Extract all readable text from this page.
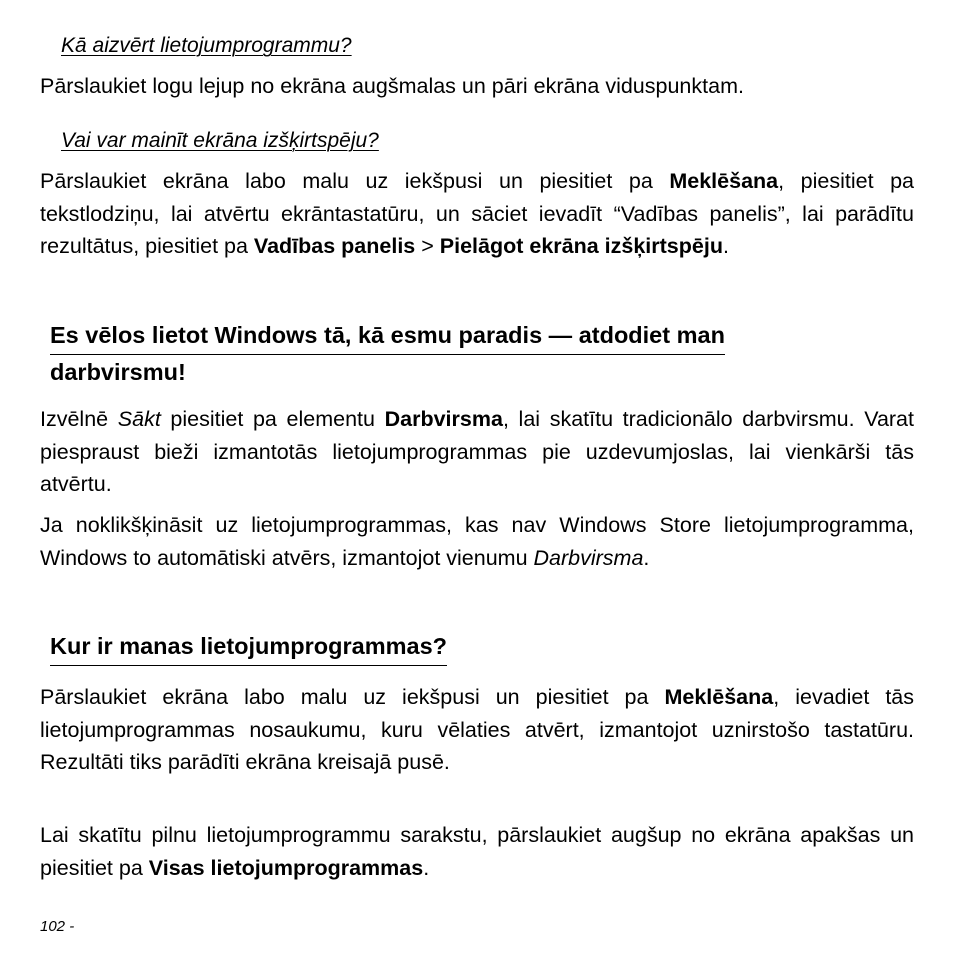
Kā aizvērt lietojumprogrammu?

Pārslaukiet logu lejup no ekrāna augšmalas un pāri ekrāna viduspunktam.

Vai var mainīt ekrāna izšķirtspēju?

Pārslaukiet ekrāna labo malu uz iekšpusi un piesitiet pa Meklēšana, piesitiet pa tekstlodziņu, lai atvērtu ekrāntastatūru, un sāciet ievadīt “Vadības panelis”, lai parādītu rezultātus, piesitiet pa Vadības panelis > Pielāgot ekrāna izšķirtspēju.

Es vēlos lietot Windows tā, kā esmu paradis — atdodiet man
darbvirsmu!

Izvēlnē Sākt piesitiet pa elementu Darbvirsma, lai skatītu tradicionālo darbvirsmu. Varat piespraust bieži izmantotās lietojumprogrammas pie uzdevumjoslas, lai vienkārši tās atvērtu.

Ja noklikšķināsit uz lietojumprogrammas, kas nav Windows Store lietojumprogramma, Windows to automātiski atvērs, izmantojot vienumu Darbvirsma.

Kur ir manas lietojumprogrammas?

Pārslaukiet ekrāna labo malu uz iekšpusi un piesitiet pa Meklēšana, ievadiet tās lietojumprogrammas nosaukumu, kuru vēlaties atvērt, izmantojot uznirstošo tastatūru. Rezultāti tiks parādīti ekrāna kreisajā pusē.

Lai skatītu pilnu lietojumprogrammu sarakstu, pārslaukiet augšup no ekrāna apakšas un piesitiet pa Visas lietojumprogrammas.

102 -
